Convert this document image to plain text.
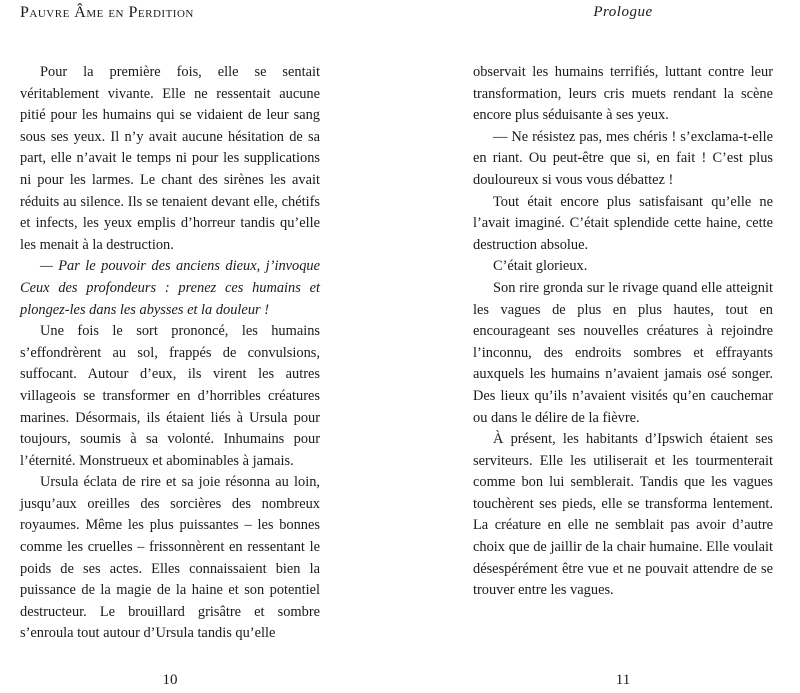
Pauvre Âme en Perdition

Pour la première fois, elle se sentait véritablement vivante. Elle ne ressentait aucune pitié pour les humains qui se vidaient de leur sang sous ses yeux. Il n’y avait aucune hésitation de sa part, elle n’avait le temps ni pour les supplications ni pour les larmes. Le chant des sirènes les avait réduits au silence. Ils se tenaient devant elle, chétifs et infects, les yeux emplis d’horreur tandis qu’elle les menait à la destruction.

— Par le pouvoir des anciens dieux, j’invoque Ceux des profondeurs : prenez ces humains et plongez-les dans les abysses et la douleur !

Une fois le sort prononcé, les humains s’effondrèrent au sol, frappés de convulsions, suffocant. Autour d’eux, ils virent les autres villageois se transformer en d’horribles créatures marines. Désormais, ils étaient liés à Ursula pour toujours, soumis à sa volonté. Inhumains pour l’éternité. Monstrueux et abominables à jamais.

Ursula éclata de rire et sa joie résonna au loin, jusqu’aux oreilles des sorcières des nombreux royaumes. Même les plus puissantes – les bonnes comme les cruelles – frissonnèrent en ressentant le poids de ses actes. Elles connaissaient bien la puissance de la magie de la haine et son potentiel destructeur. Le brouillard grisâtre et sombre s’enroula tout autour d’Ursula tandis qu’elle

10
Prologue

observait les humains terrifiés, luttant contre leur transformation, leurs cris muets rendant la scène encore plus séduisante à ses yeux.

— Ne résistez pas, mes chéris ! s’exclama-t-elle en riant. Ou peut-être que si, en fait ! C’est plus douloureux si vous vous débattez !

Tout était encore plus satisfaisant qu’elle ne l’avait imaginé. C’était splendide cette haine, cette destruction absolue.

C’était glorieux.

Son rire gronda sur le rivage quand elle atteignit les vagues de plus en plus hautes, tout en encourageant ses nouvelles créatures à rejoindre l’inconnu, des endroits sombres et effrayants auxquels les humains n’avaient jamais osé songer. Des lieux qu’ils n’avaient visités qu’en cauchemar ou dans le délire de la fièvre.

À présent, les habitants d’Ipswich étaient ses serviteurs. Elle les utiliserait et les tourmenterait comme bon lui semblerait. Tandis que les vagues touchèrent ses pieds, elle se transforma lentement. La créature en elle ne semblait pas avoir d’autre choix que de jaillir de la chair humaine. Elle voulait désespérément être vue et ne pouvait attendre de se trouver entre les vagues.

11
